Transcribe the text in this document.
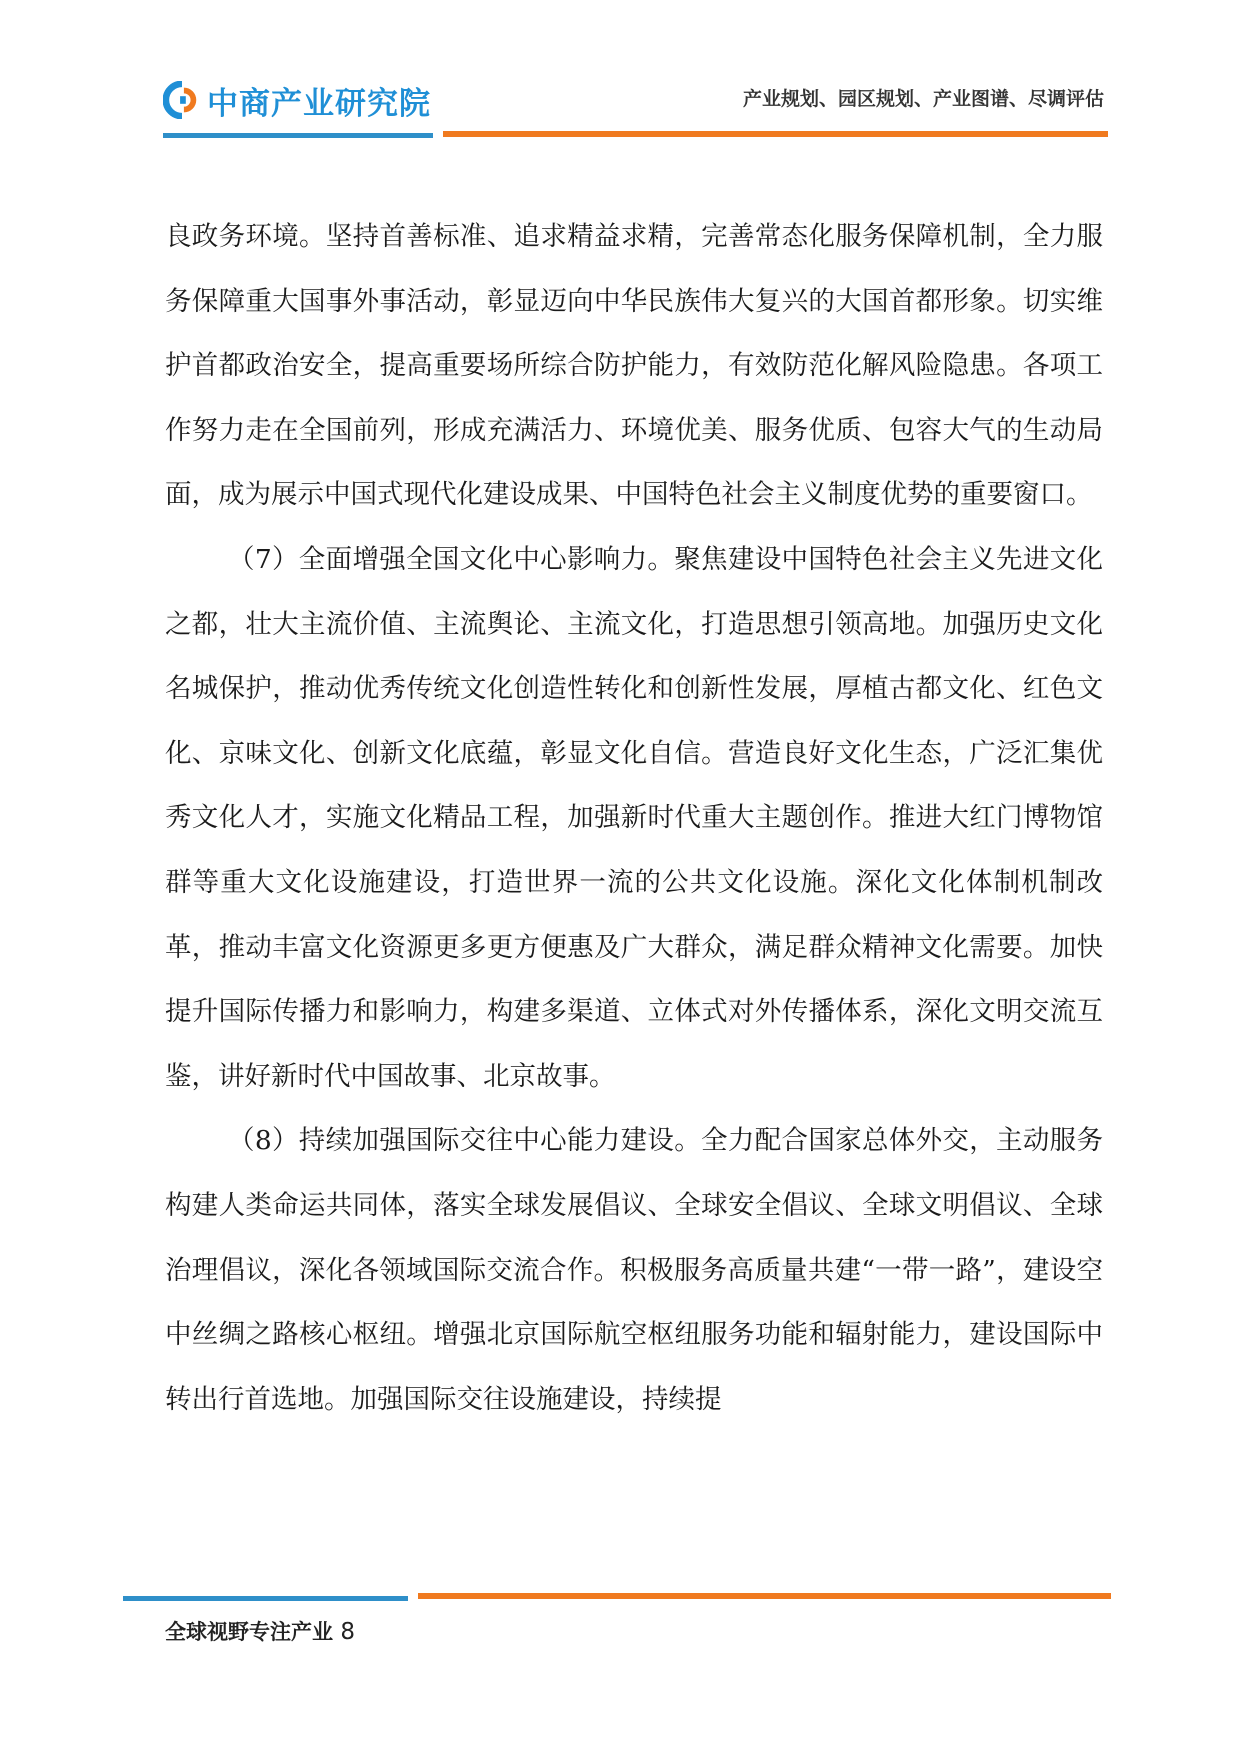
中商产业研究院	产业规划、园区规划、产业图谱、尽调评估

良政务环境。坚持首善标准、追求精益求精，完善常态化服务保障机制，全力服务保障重大国事外事活动，彰显迈向中华民族伟大复兴的大国首都形象。切实维护首都政治安全，提高重要场所综合防护能力，有效防范化解风险隐患。各项工作努力走在全国前列，形成充满活力、环境优美、服务优质、包容大气的生动局面，成为展示中国式现代化建设成果、中国特色社会主义制度优势的重要窗口。

（7）全面增强全国文化中心影响力。聚焦建设中国特色社会主义先进文化之都，壮大主流价值、主流舆论、主流文化，打造思想引领高地。加强历史文化名城保护，推动优秀传统文化创造性转化和创新性发展，厚植古都文化、红色文化、京味文化、创新文化底蕴，彰显文化自信。营造良好文化生态，广泛汇集优秀文化人才，实施文化精品工程，加强新时代重大主题创作。推进大红门博物馆群等重大文化设施建设，打造世界一流的公共文化设施。深化文化体制机制改革，推动丰富文化资源更多更方便惠及广大群众，满足群众精神文化需要。加快提升国际传播力和影响力，构建多渠道、立体式对外传播体系，深化文明交流互鉴，讲好新时代中国故事、北京故事。

（8）持续加强国际交往中心能力建设。全力配合国家总体外交，主动服务构建人类命运共同体，落实全球发展倡议、全球安全倡议、全球文明倡议、全球治理倡议，深化各领域国际交流合作。积极服务高质量共建“一带一路”，建设空中丝绸之路核心枢纽。增强北京国际航空枢纽服务功能和辐射能力，建设国际中转出行首选地。加强国际交往设施建设，持续提

全球视野专注产业 8
